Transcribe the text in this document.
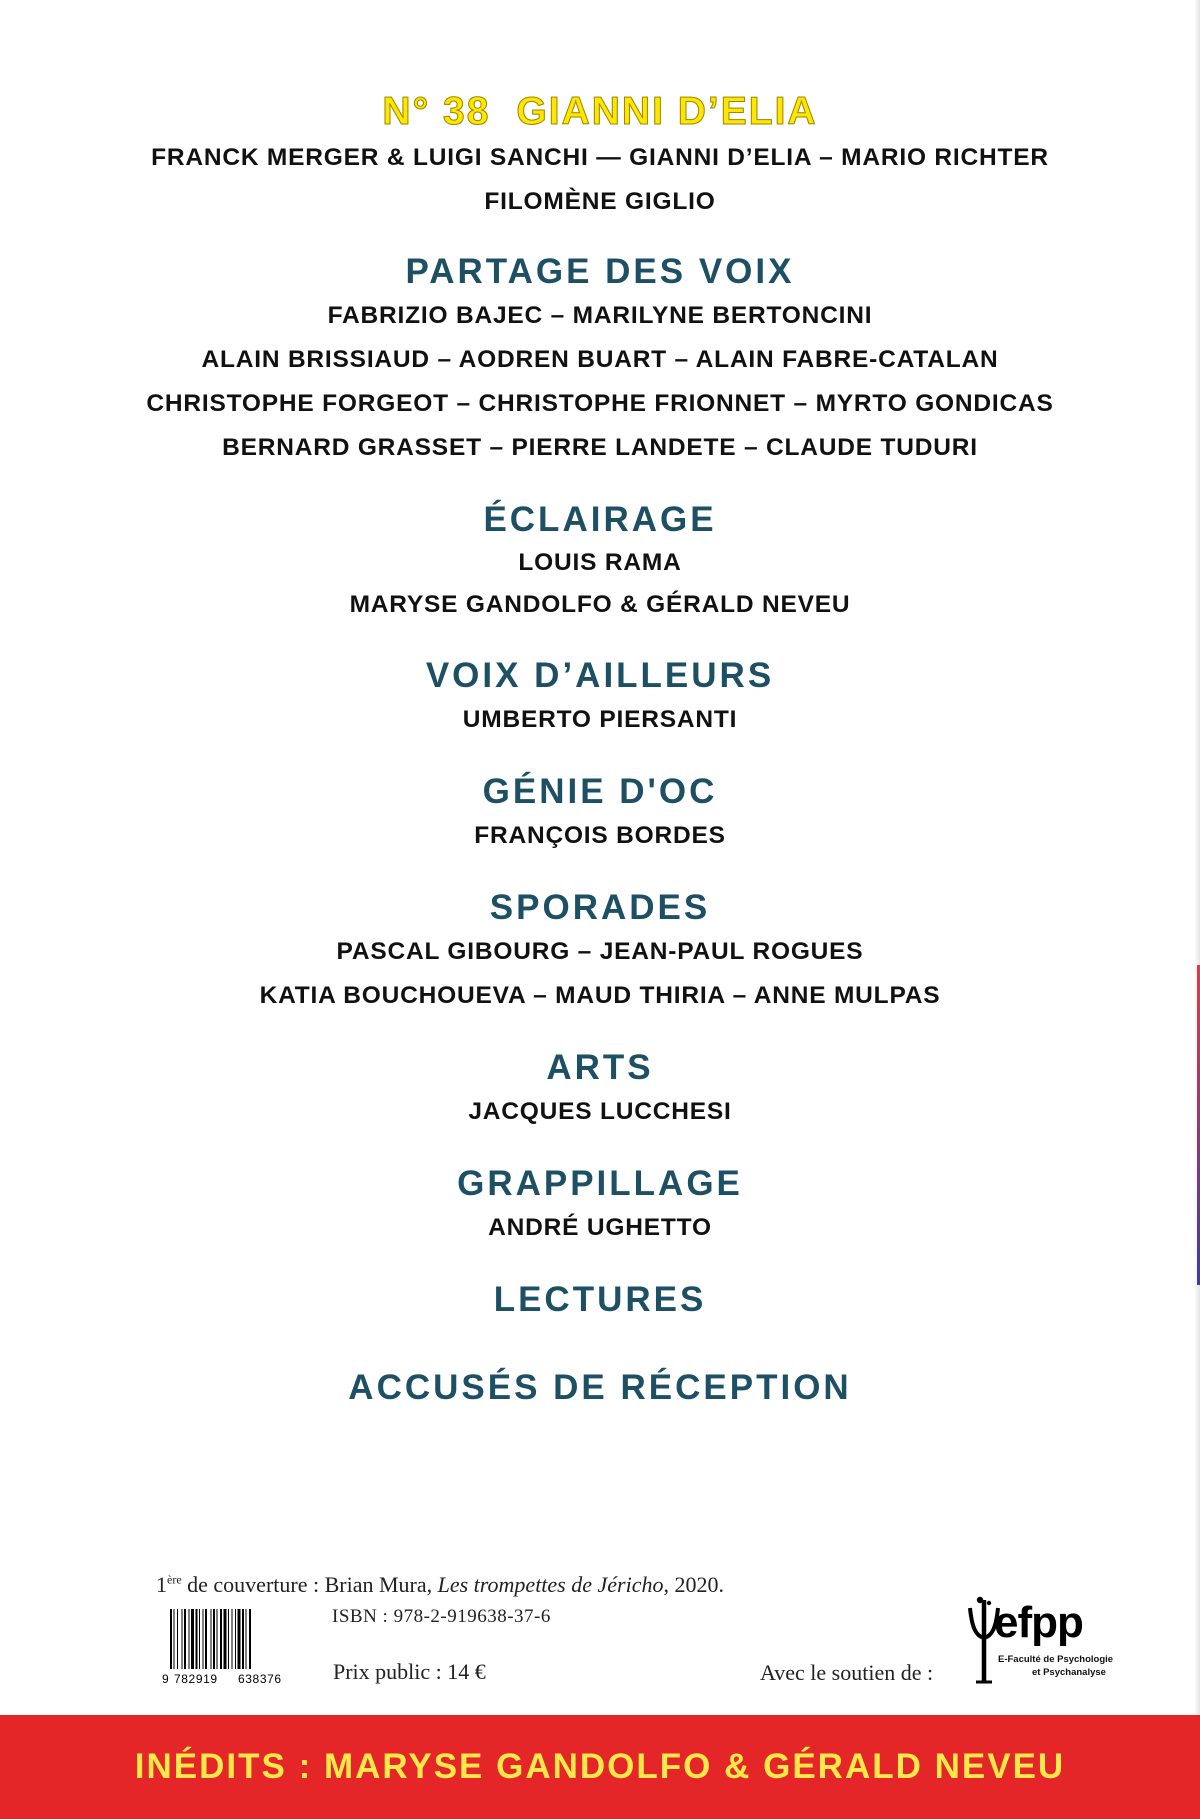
N° 38 GIANNI D’ELIA

FRANCK MERGER & LUIGI SANCHI — GIANNI D’ELIA – MARIO RICHTER

FILOMÈNE GIGLIO

PARTAGE DES VOIX

FABRIZIO BAJEC – MARILYNE BERTONCINI

ALAIN BRISSIAUD – AODREN BUART – ALAIN FABRE-CATALAN

CHRISTOPHE FORGEOT – CHRISTOPHE FRIONNET – MYRTO GONDICAS

BERNARD GRASSET – PIERRE LANDETE – CLAUDE TUDURI

ÉCLAIRAGE

LOUIS RAMA

MARYSE GANDOLFO & GÉRALD NEVEU

VOIX D’AILLEURS

UMBERTO PIERSANTI

GÉNIE D'OC

FRANÇOIS BORDES

SPORADES

PASCAL GIBOURG – JEAN-PAUL ROGUES

KATIA BOUCHOUEVA – MAUD THIRIA – ANNE MULPAS

ARTS

JACQUES LUCCHESI

GRAPPILLAGE

ANDRÉ UGHETTO

LECTURES
ACCUSÉS DE RÉCEPTION
1ère de couverture : Brian Mura, Les trompettes de Jéricho, 2020.
ISBN : 978-2-919638-37-6
9 782919 638376 Prix public : 14 €	Avec le soutien de :
efpp
E-Faculté de Psychologie
et Psychanalyse

INÉDITS : MARYSE GANDOLFO & GÉRALD NEVEU
